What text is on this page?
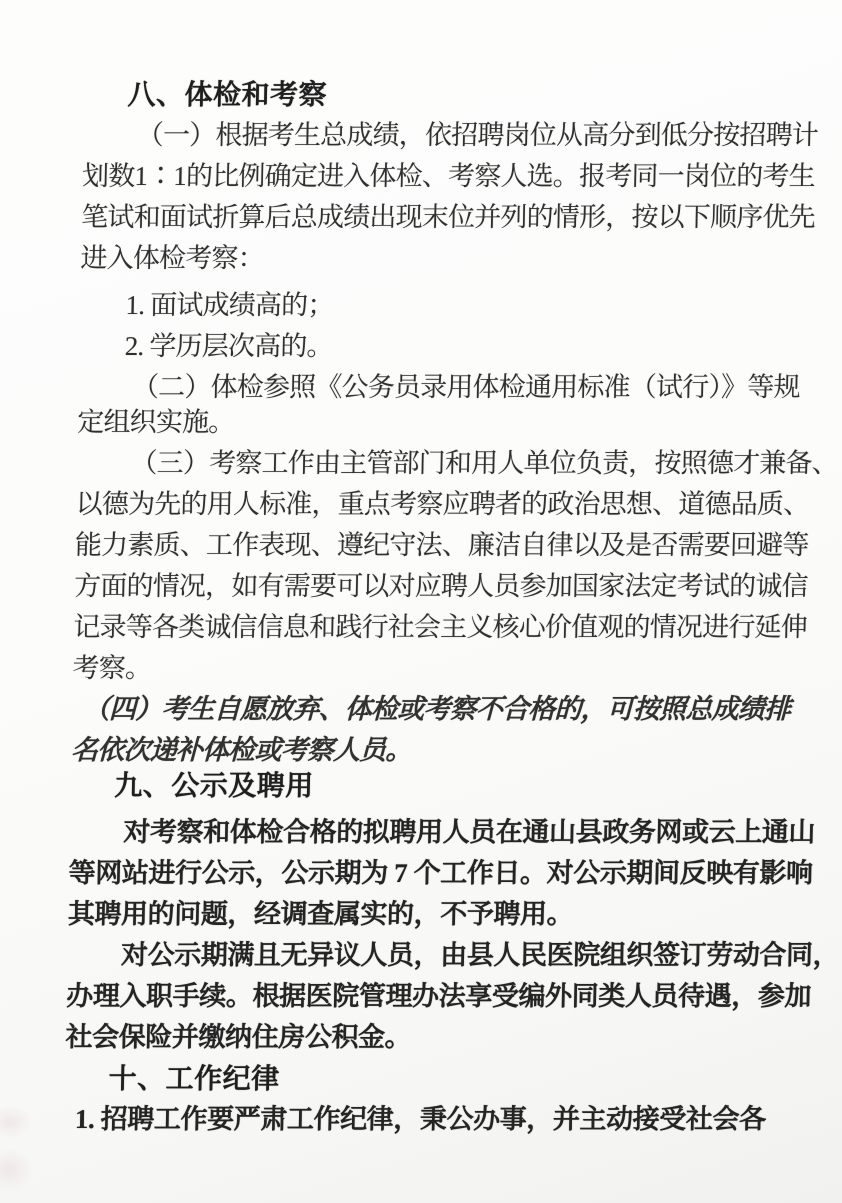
八、体检和考察
（一）根据考生总成绩，依招聘岗位从高分到低分按招聘计
划数1∶1的比例确定进入体检、考察人选。报考同一岗位的考生
笔试和面试折算后总成绩出现末位并列的情形，按以下顺序优先
进入体检考察：
1. 面试成绩高的；
2. 学历层次高的。
（二）体检参照《公务员录用体检通用标准（试行）》等规
定组织实施。
（三）考察工作由主管部门和用人单位负责，按照德才兼备、
以德为先的用人标准，重点考察应聘者的政治思想、道德品质、
能力素质、工作表现、遵纪守法、廉洁自律以及是否需要回避等
方面的情况，如有需要可以对应聘人员参加国家法定考试的诚信
记录等各类诚信信息和践行社会主义核心价值观的情况进行延伸
考察。
（四）考生自愿放弃、体检或考察不合格的，可按照总成绩排
名依次递补体检或考察人员。
九、公示及聘用
对考察和体检合格的拟聘用人员在通山县政务网或云上通山
等网站进行公示，公示期为 7 个工作日。对公示期间反映有影响
其聘用的问题，经调查属实的，不予聘用。
对公示期满且无异议人员，由县人民医院组织签订劳动合同，
办理入职手续。根据医院管理办法享受编外同类人员待遇，参加
社会保险并缴纳住房公积金。
十、工作纪律
1. 招聘工作要严肃工作纪律，秉公办事，并主动接受社会各
